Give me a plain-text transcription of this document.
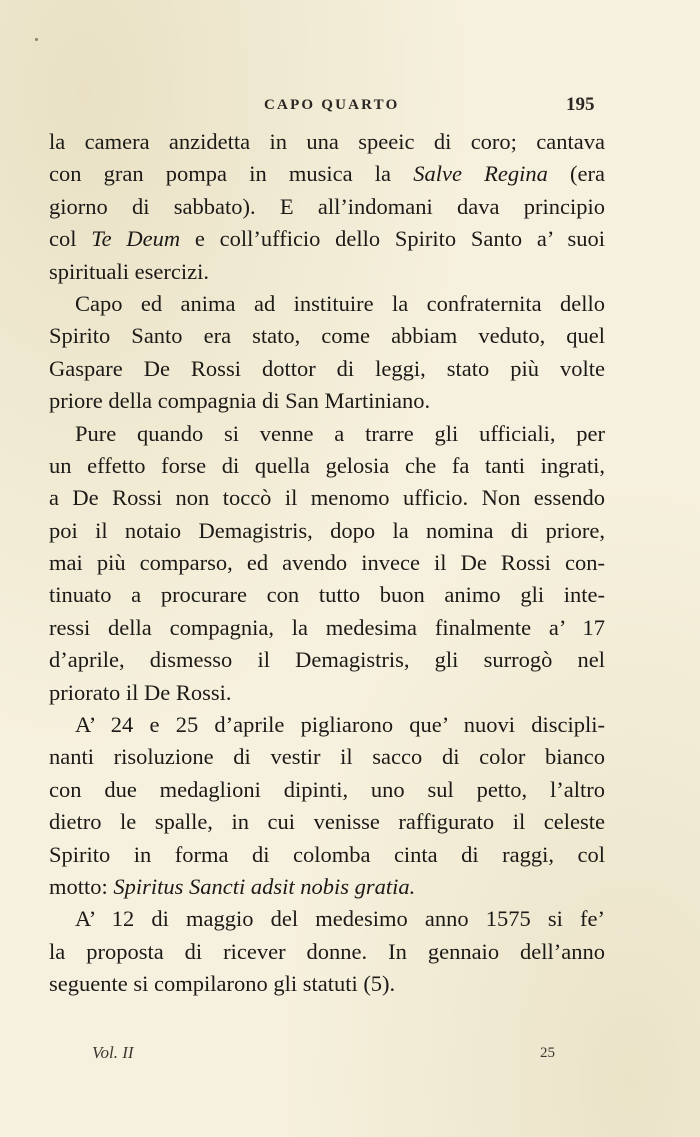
CAPO QUARTO	195
la camera anzidetta in una speeic di coro; cantava
con gran pompa in musica la Salve Regina (era
giorno di sabbato). E all’indomani dava principio
col Te Deum e coll’ufficio dello Spirito Santo a’ suoi
spirituali esercizi.
Capo ed anima ad instituire la confraternita dello
Spirito Santo era stato, come abbiam veduto, quel
Gaspare De Rossi dottor di leggi, stato più volte
priore della compagnia di San Martiniano.
Pure quando si venne a trarre gli ufficiali, per
un effetto forse di quella gelosia che fa tanti ingrati,
a De Rossi non toccò il menomo ufficio. Non essendo
poi il notaio Demagistris, dopo la nomina di priore,
mai più comparso, ed avendo invece il De Rossi con-
tinuato a procurare con tutto buon animo gli inte-
ressi della compagnia, la medesima finalmente a’ 17
d’aprile, dismesso il Demagistris, gli surrogò nel
priorato il De Rossi.
A’ 24 e 25 d’aprile pigliarono que’ nuovi discipli-
nanti risoluzione di vestir il sacco di color bianco
con due medaglioni dipinti, uno sul petto, l’altro
dietro le spalle, in cui venisse raffigurato il celeste
Spirito in forma di colomba cinta di raggi, col
motto: Spiritus Sancti adsit nobis gratia.
A’ 12 di maggio del medesimo anno 1575 si fe’
la proposta di ricever donne. In gennaio dell’anno
seguente si compilarono gli statuti (5).
Vol. II	25
